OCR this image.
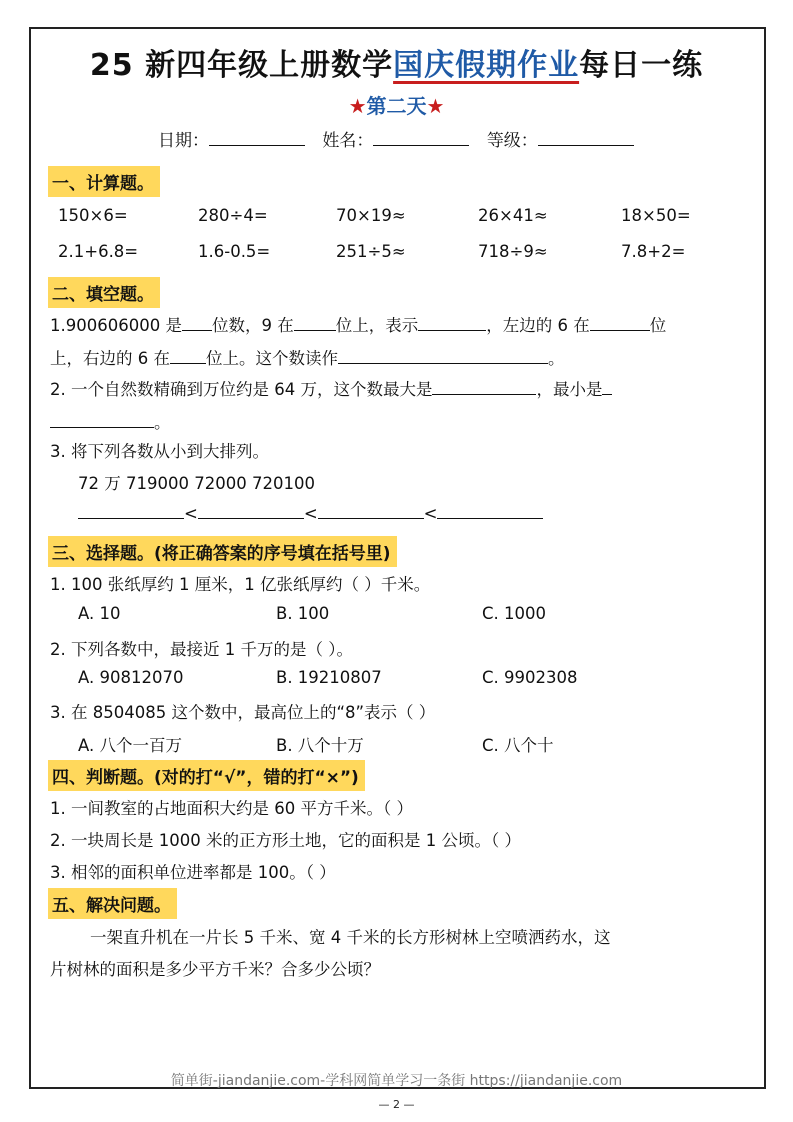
25 新四年级上册数学国庆假期作业每日一练
★第二天★
日期：	姓名：	等级：
一、计算题。
150×6=	280÷4=	70×19≈	26×41≈	18×50=
2.1+6.8=	1.6-0.5=	251÷5≈	718÷9≈	7.8+2=
二、填空题。
1.900606000 是 位数，9 在	位上，表示	，左边的 6 在	位
上，右边的 6 在 位上。这个数读作	。
2. 一个自然数精确到万位约是 64 万，这个数最大是	，最小是
。
3. 将下列各数从小到大排列。
72 万 719000 72000 720100
<	<	<
三、选择题。(将正确答案的序号填在括号里)
1. 100 张纸厚约 1 厘米，1 亿张纸厚约（ ）千米。
A. 10	B. 100	C. 1000
2. 下列各数中，最接近 1 千万的是（ ）。
A. 90812070	B. 19210807	C. 9902308
3. 在 8504085 这个数中，最高位上的“8”表示（ ）
A. 八个一百万	B. 八个十万	C. 八个十
四、判断题。(对的打“√”，错的打“×”)
1. 一间教室的占地面积大约是 60 平方千米。（ ）
2. 一块周长是 1000 米的正方形土地，它的面积是 1 公顷。（ ）
3. 相邻的面积单位进率都是 100。（ ）
五、解决问题。
一架直升机在一片长 5 千米、宽 4 千米的长方形树林上空喷洒药水，这
片树林的面积是多少平方千米？合多少公顷？
简单街-jiandanjie.com-学科网简单学习一条街 https://jiandanjie.com
— 2 —
